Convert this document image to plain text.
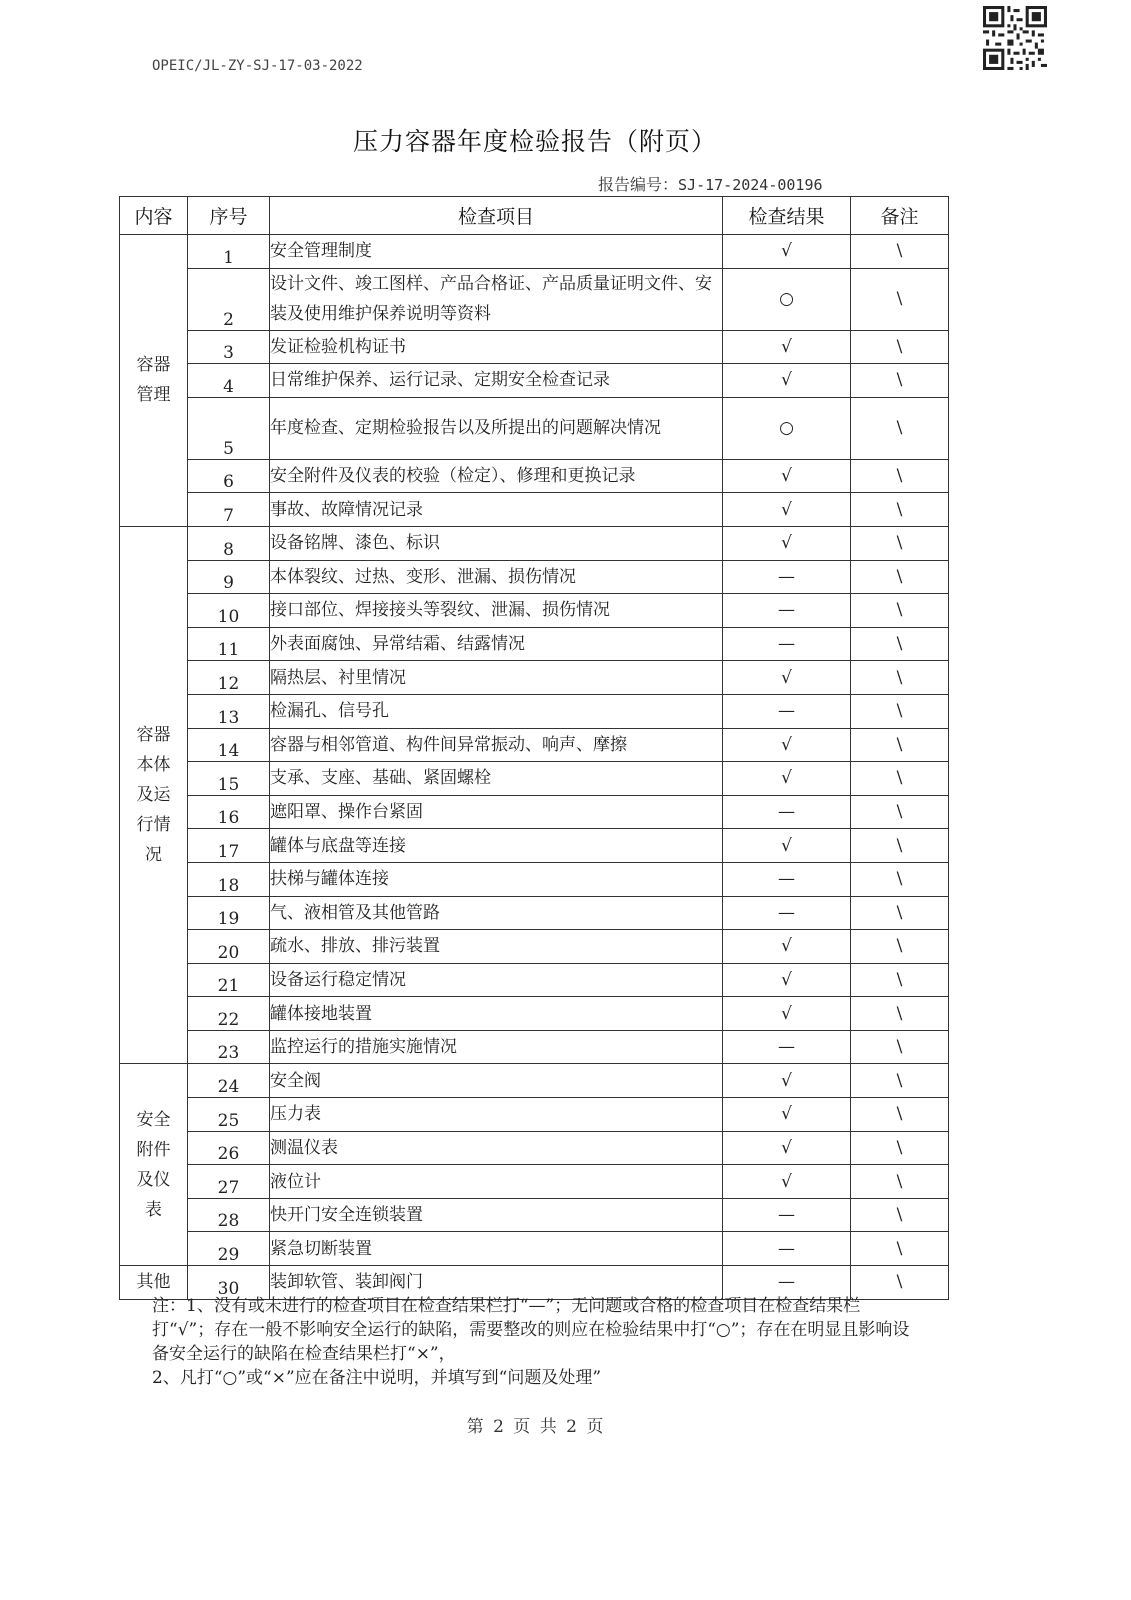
OPEIC/JL-ZY-SJ-17-03-2022
压力容器年度检验报告（附页）
报告编号：SJ-17-2024-00196
内容	序号	检查项目	检查结果	备注

容器
管理	1	安全管理制度	√	\
	2	设计文件、竣工图样、产品合格证、产品质量证明文件、安装及使用维护保养说明等资料	○	\
	3	发证检验机构证书	√	\
	4	日常维护保养、运行记录、定期安全检查记录	√	\
	5	年度检查、定期检验报告以及所提出的问题解决情况	○	\
	6	安全附件及仪表的校验（检定）、修理和更换记录	√	\
	7	事故、故障情况记录	√	\

容器
本体
及运
行情
况	8	设备铭牌、漆色、标识	√	\
	9	本体裂纹、过热、变形、泄漏、损伤情况	—	\
	10	接口部位、焊接接头等裂纹、泄漏、损伤情况	—	\
	11	外表面腐蚀、异常结霜、结露情况	—	\
	12	隔热层、衬里情况	√	\
	13	检漏孔、信号孔	—	\
	14	容器与相邻管道、构件间异常振动、响声、摩擦	√	\
	15	支承、支座、基础、紧固螺栓	√	\
	16	遮阳罩、操作台紧固	—	\
	17	罐体与底盘等连接	√	\
	18	扶梯与罐体连接	—	\
	19	气、液相管及其他管路	—	\
	20	疏水、排放、排污装置	√	\
	21	设备运行稳定情况	√	\
	22	罐体接地装置	√	\
	23	监控运行的措施实施情况	—	\

安全
附件
及仪
表	24	安全阀	√	\
	25	压力表	√	\
	26	测温仪表	√	\
	27	液位计	√	\
	28	快开门安全连锁装置	—	\
	29	紧急切断装置	—	\

其他	30	装卸软管、装卸阀门	—	\

注：1、没有或未进行的检查项目在检查结果栏打“—”；无问题或合格的检查项目在检查结果栏打“√”；存在一般不影响安全运行的缺陷，需要整改的则应在检验结果中打“○”；存在在明显且影响设备安全运行的缺陷在检查结果栏打“×”，

2、凡打“○”或“×”应在备注中说明，并填写到“问题及处理”

第 2 页 共 2 页
